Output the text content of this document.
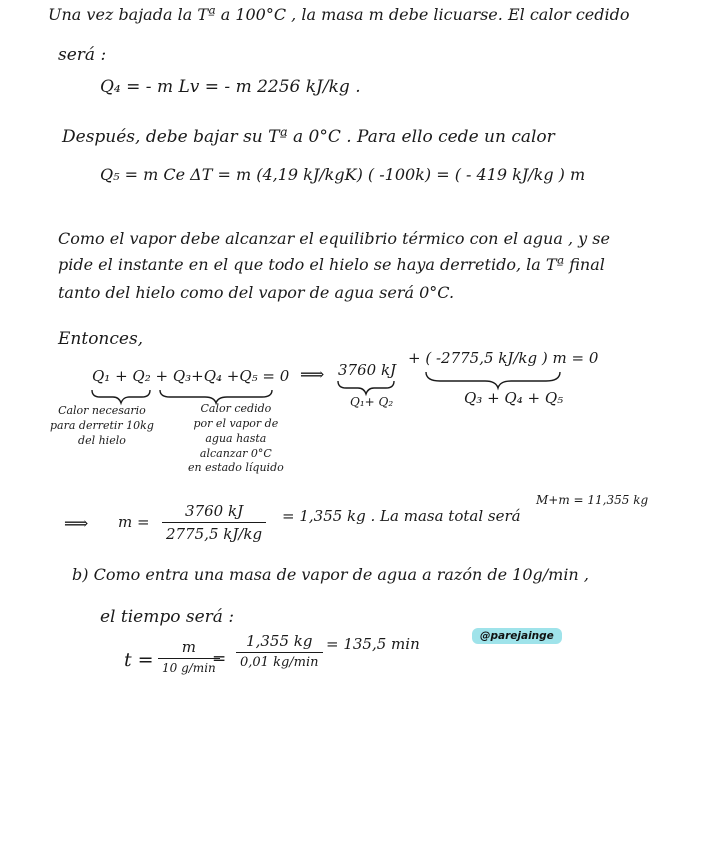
Una vez bajada la Tª a 100°C , la masa m debe licuarse. El calor cedido
será :
Q₄ = - m Lv = - m 2256 kJ/kg .
Después, debe bajar su Tª a 0°C . Para ello cede un calor
Q₅ = m Ce ΔT = m (4,19 kJ/kgK) ( -100k) = ( - 419 kJ/kg ) m
Como el vapor debe alcanzar el equilibrio térmico con el agua , y se
pide el instante en el que todo el hielo se haya derretido, la Tª final
tanto del hielo como del vapor de agua será 0°C.
Entonces,
Q₁ + Q₂ + Q₃+Q₄ +Q₅ = 0 ⟹ 3760 kJ
+ ( -2775,5 kJ/kg ) m = 0
Q₁+ Q₂	Q₃ + Q₄ + Q₅
Calor necesario
para derretir 10kg
del hielo
Calor cedido
por el vapor de
agua hasta
alcanzar 0°C
en estado líquido
⟹ m =
3760 kJ
2775,5 kJ/kg
= 1,355 kg . La masa total será
M+m = 11,355 kg
b) Como entra una masa de vapor de agua a razón de 10g/min ,
el tiempo será :
t =
m
10 g/min
=
1,355 kg
0,01 kg/min
= 135,5 min	@parejainge
